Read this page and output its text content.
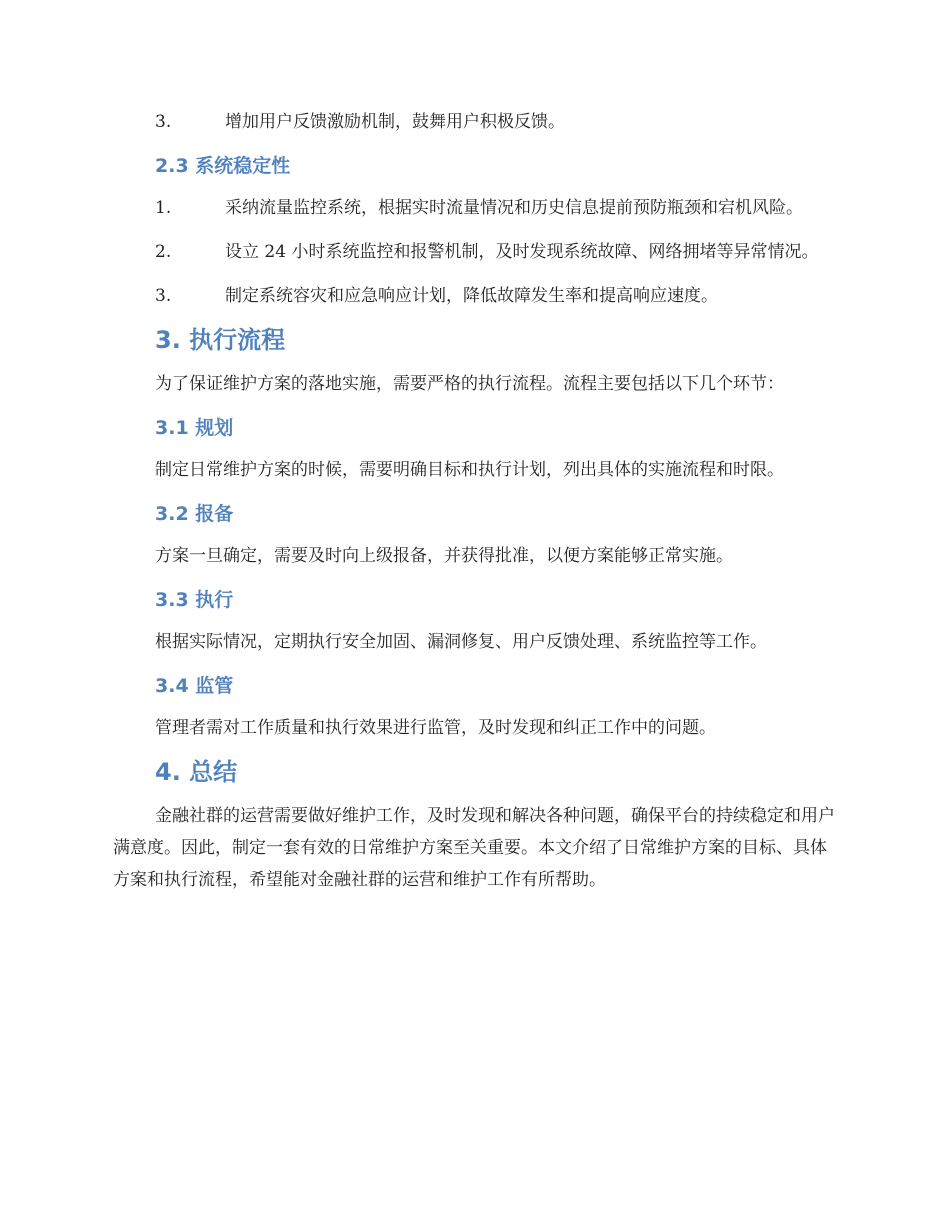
3.	增加用户反馈激励机制，鼓舞用户积极反馈。
2.3 系统稳定性
1.	采纳流量监控系统，根据实时流量情况和历史信息提前预防瓶颈和宕机风险。
2.	设立 24 小时系统监控和报警机制，及时发现系统故障、网络拥堵等异常情况。
3.	制定系统容灾和应急响应计划，降低故障发生率和提高响应速度。
3. 执行流程
为了保证维护方案的落地实施，需要严格的执行流程。流程主要包括以下几个环节：
3.1 规划
制定日常维护方案的时候，需要明确目标和执行计划，列出具体的实施流程和时限。
3.2 报备
方案一旦确定，需要及时向上级报备，并获得批准，以便方案能够正常实施。
3.3 执行
根据实际情况，定期执行安全加固、漏洞修复、用户反馈处理、系统监控等工作。
3.4 监管
管理者需对工作质量和执行效果进行监管，及时发现和纠正工作中的问题。
4. 总结
金融社群的运营需要做好维护工作，及时发现和解决各种问题，确保平台的持续稳定和用户满意度。因此，制定一套有效的日常维护方案至关重要。本文介绍了日常维护方案的目标、具体方案和执行流程，希望能对金融社群的运营和维护工作有所帮助。
